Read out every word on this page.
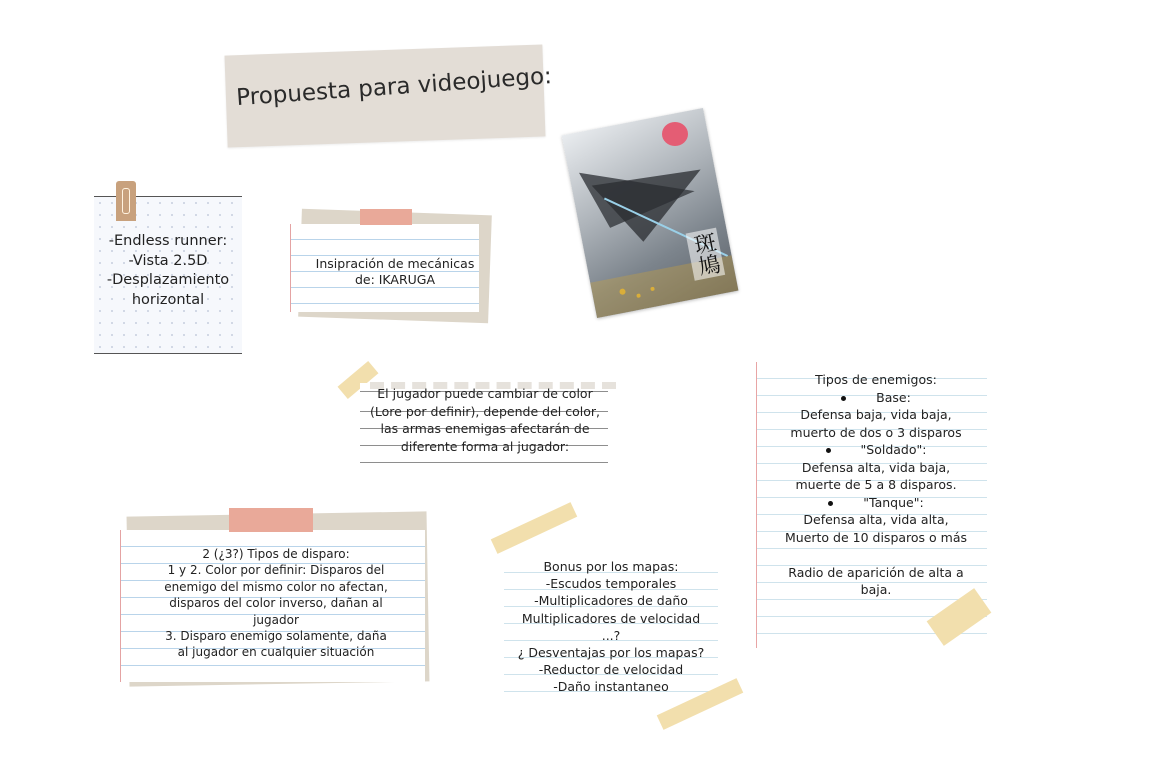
Propuesta para videojuego:
-Endless runner:
-Vista 2.5D
-Desplazamiento
horizontal
Insipración de mecánicas
de: IKARUGA
斑鳩
El jugador puede cambiar de color
(Lore por definir), depende del color,
las armas enemigas afectarán de
diferente forma al jugador:
Tipos de enemigos:
Base:
Defensa baja, vida baja,
muerto de dos o 3 disparos
"Soldado":
Defensa alta, vida baja,
muerte de 5 a 8 disparos.
"Tanque":
Defensa alta, vida alta,
Muerto de 10 disparos o más
Radio de aparición de alta a
baja.
2 (¿3?) Tipos de disparo:
1 y 2. Color por definir: Disparos del
enemigo del mismo color no afectan,
disparos del color inverso, dañan al
jugador
3. Disparo enemigo solamente, daña
al jugador en cualquier situación
Bonus por los mapas:
-Escudos temporales
-Multiplicadores de daño
Multiplicadores de velocidad
...?
¿ Desventajas por los mapas?
-Reductor de velocidad
-Daño instantaneo
